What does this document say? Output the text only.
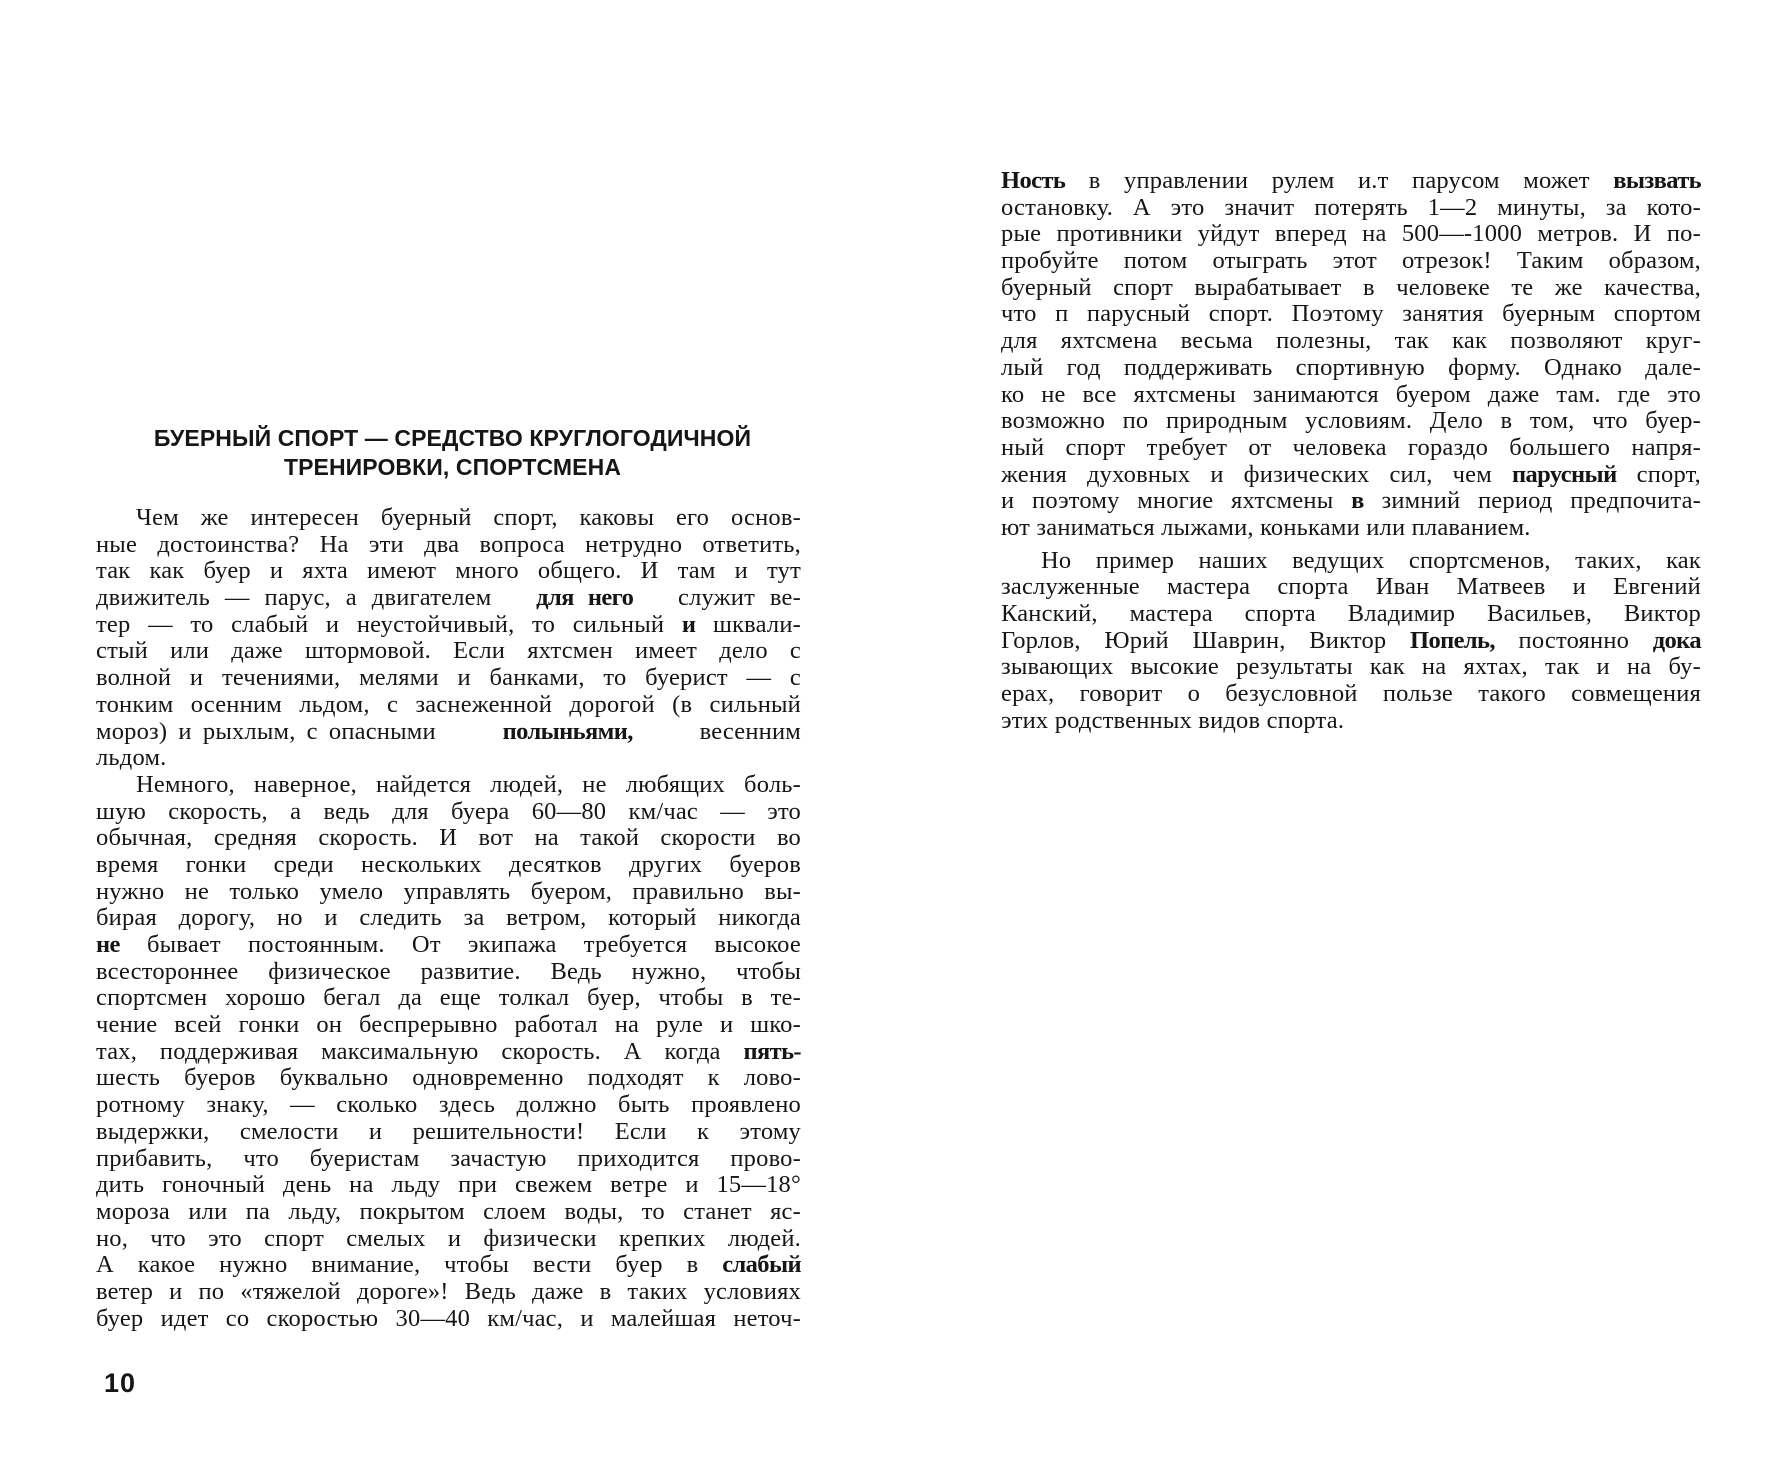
БУЕРНЫЙ СПОРТ — СРЕДСТВО КРУГЛОГОДИЧНОЙ
ТРЕНИРОВКИ, СПОРТСМЕНА
Чем же интересен буерный спорт, каковы его основ-
ные достоинства? На эти два вопроса нетрудно ответить,
так как буер и яхта имеют много общего. И там и тут
движитель — парус, а двигателем для него служит ве-
тер — то слабый и неустойчивый, то сильный и шквали-
стый или даже штормовой. Если яхтсмен имеет дело с
волной и течениями, мелями и банками, то буерист — с
тонким осенним льдом, с заснеженной дорогой (в сильный
мороз) и рыхлым, с опасными	полыньями,	весенним
льдом.
Немного, наверное, найдется людей, не любящих боль-
шую скорость, а ведь для буера 60—80 км/час — это
обычная, средняя скорость. И вот на такой скорости во
время гонки среди нескольких десятков других буеров
нужно не только умело управлять буером, правильно вы-
бирая дорогу, но и следить за ветром, который никогда
не бывает постоянным. От экипажа требуется высокое
всестороннее физическое развитие. Ведь нужно, чтобы
спортсмен хорошо бегал да еще толкал буер, чтобы в те-
чение всей гонки он беспрерывно работал на руле и шко-
тах, поддерживая максимальную скорость. А когда пять-
шесть буеров буквально одновременно подходят к лово-
ротному знаку, — сколько здесь должно быть проявлено
выдержки, смелости и решительности! Если к этому
прибавить, что буеристам зачастую приходится прово-
дить гоночный день на льду при свежем ветре и 15—18°
мороза или па льду, покрытом слоем воды, то станет яс-
но, что это спорт смелых и физически крепких людей.
А какое нужно внимание, чтобы вести буер в слабый
ветер и по «тяжелой дороге»! Ведь даже в таких условиях
буер идет со скоростью 30—40 км/час, и малейшая неточ-
10
Ность в управлении рулем и.т парусом может вызвать
остановку. А это значит потерять 1—2 минуты, за кото-
рые противники уйдут вперед на 500—-1000 метров. И по-
пробуйте потом отыграть этот отрезок! Таким образом,
буерный спорт вырабатывает в человеке те же качества,
что п парусный спорт. Поэтому занятия буерным спортом
для яхтсмена весьма полезны, так как позволяют круг-
лый год поддерживать спортивную форму. Однако дале-
ко не все яхтсмены занимаются буером даже там. где это
возможно по природным условиям. Дело в том, что буер-
ный спорт требует от человека гораздо большего напря-
жения духовных и физических сил, чем парусный спорт,
и поэтому многие яхтсмены в зимний период предпочита-
ют заниматься лыжами, коньками или плаванием.
Но пример наших ведущих спортсменов, таких, как
заслуженные мастера спорта Иван Матвеев и Евгений
Канский, мастера спорта Владимир Васильев, Виктор
Горлов, Юрий Шаврин, Виктор Попель, постоянно дока
зывающих высокие результаты как на яхтах, так и на бу-
ерах, говорит о безусловной пользе такого совмещения
этих родственных видов спорта.
